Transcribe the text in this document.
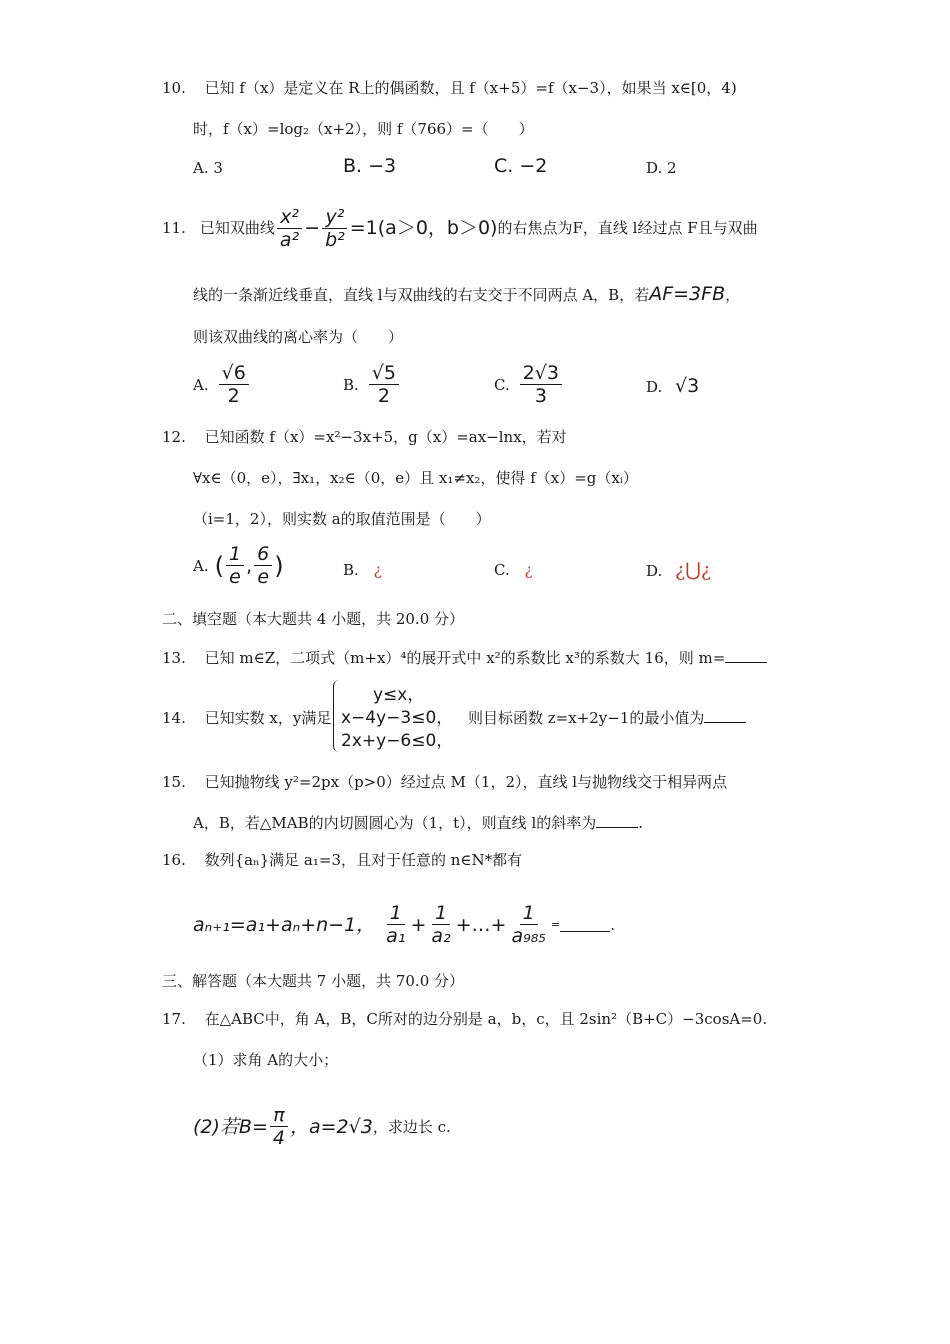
10. 已知 f（x）是定义在 R上的偶函数，且 f（x+5）=f（x−3），如果当 x∈[0，4)
时，f（x）=log₂（x+2），则 f（766）=（　　）
A. 3	B. −3	C. −2	D. 2
11. 已知双曲线 $\frac{\text{x²}}{\text{a²}} - \frac{\text{y²}}{\text{b²}} =1(a>0$，b＞0) 的右焦点为F，直线 l经过点 F且与双曲
线的一条渐近线垂直，直线 l与双曲线的右支交于不同两点 A，B，若AF=3FB，
则该双曲线的离心率为（　　）
A. $\frac{√6}{2}$	B. $\frac{√5}{2}$	C. $\frac{2√3}{3}$	D. √3
12. 已知函数 f（x）=x²−3x+5，g（x）=ax−lnx，若对
∀x∈（0，e），∃x₁，x₂∈（0，e）且 x₁≠x₂，使得 f（x）=g（xᵢ）
（i=1，2），则实数 a的取值范围是（　　）
A. ( $\frac{1}{e}$ , $\frac{6}{e}$ )	B. ¿	C. ¿	D. ¿⋃¿
二、填空题（本大题共 4 小题，共 20.0 分）
13. 已知 m∈Z，二项式（m+x）⁴的展开式中 x²的系数比 x³的系数大 16，则 m=
14. 已知实数 x，y满足
y≤x，
x−4y−3≤0，
2x+y−6≤0，
则目标函数 z=x+2y−1的最小值为
15. 已知抛物线 y²=2px（p>0）经过点 M（1，2），直线 l与抛物线交于相异两点
A，B，若△MAB的内切圆圆心为（1，t），则直线 l的斜率为	.
16. 数列{aₙ}满足 a₁=3，且对于任意的 n∈N*都有
aₙ₊₁=a₁+aₙ+n−1， $\frac{1}{\text{a₁}} + \frac{1}{\text{a₂}}$ +…+ $\frac{1}{\text{a₉₈₅}}$ =	.
三、解答题（本大题共 7 小题，共 70.0 分）
17. 在△ABC中，角 A，B，C所对的边分别是 a，b，c，且 2sin²（B+C）−3cosA=0.
（1）求角 A的大小；
(2)若$B= \frac{\pi}{4}$ ，a=2√3 ，求边长 c.
